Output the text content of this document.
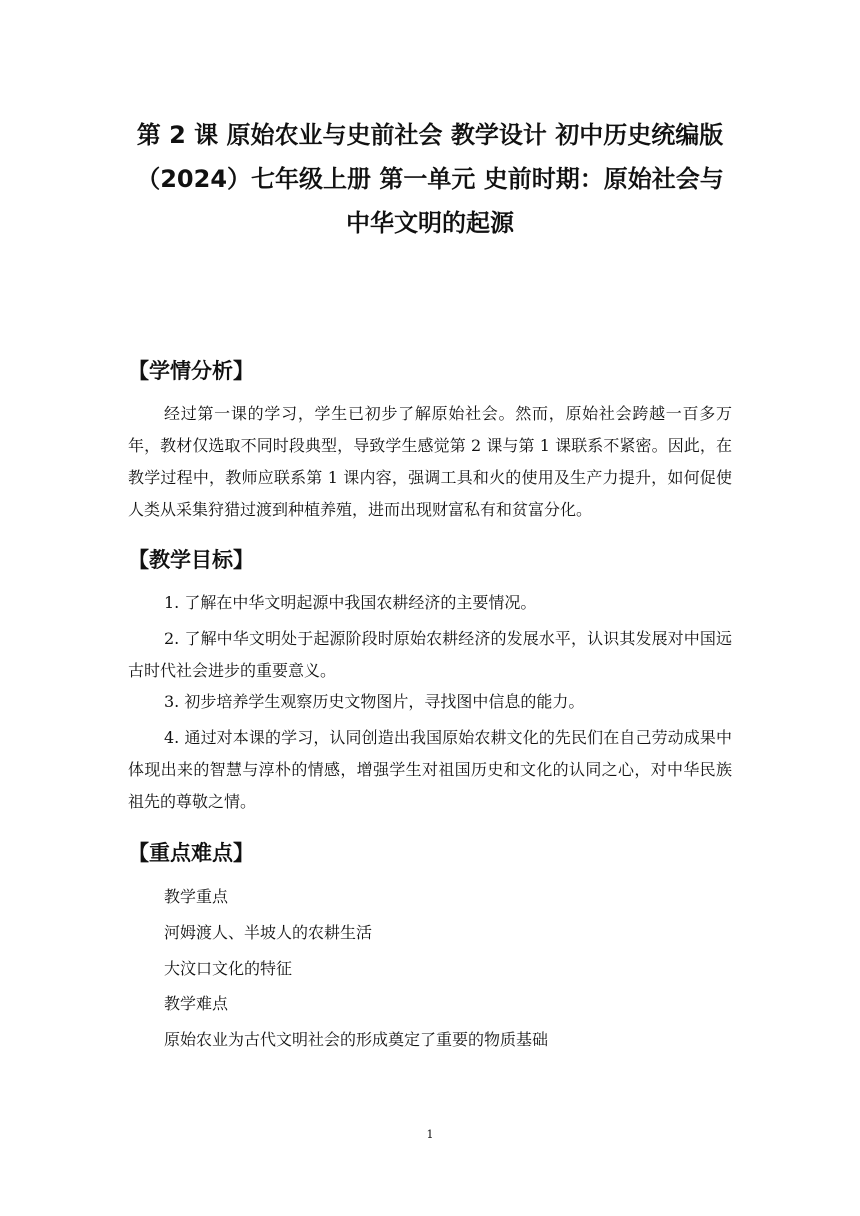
第 2 课 原始农业与史前社会 教学设计 初中历史统编版（2024）七年级上册 第一单元 史前时期：原始社会与中华文明的起源
【学情分析】

经过第一课的学习，学生已初步了解原始社会。然而，原始社会跨越一百多万年，教材仅选取不同时段典型，导致学生感觉第 2 课与第 1 课联系不紧密。因此，在教学过程中，教师应联系第 1 课内容，强调工具和火的使用及生产力提升，如何促使人类从采集狩猎过渡到种植养殖，进而出现财富私有和贫富分化。

【教学目标】

1. 了解在中华文明起源中我国农耕经济的主要情况。

2. 了解中华文明处于起源阶段时原始农耕经济的发展水平，认识其发展对中国远古时代社会进步的重要意义。

3. 初步培养学生观察历史文物图片，寻找图中信息的能力。

4. 通过对本课的学习，认同创造出我国原始农耕文化的先民们在自己劳动成果中体现出来的智慧与淳朴的情感，增强学生对祖国历史和文化的认同之心，对中华民族祖先的尊敬之情。

【重点难点】

教学重点

河姆渡人、半坡人的农耕生活

大汶口文化的特征

教学难点

原始农业为古代文明社会的形成奠定了重要的物质基础

1
